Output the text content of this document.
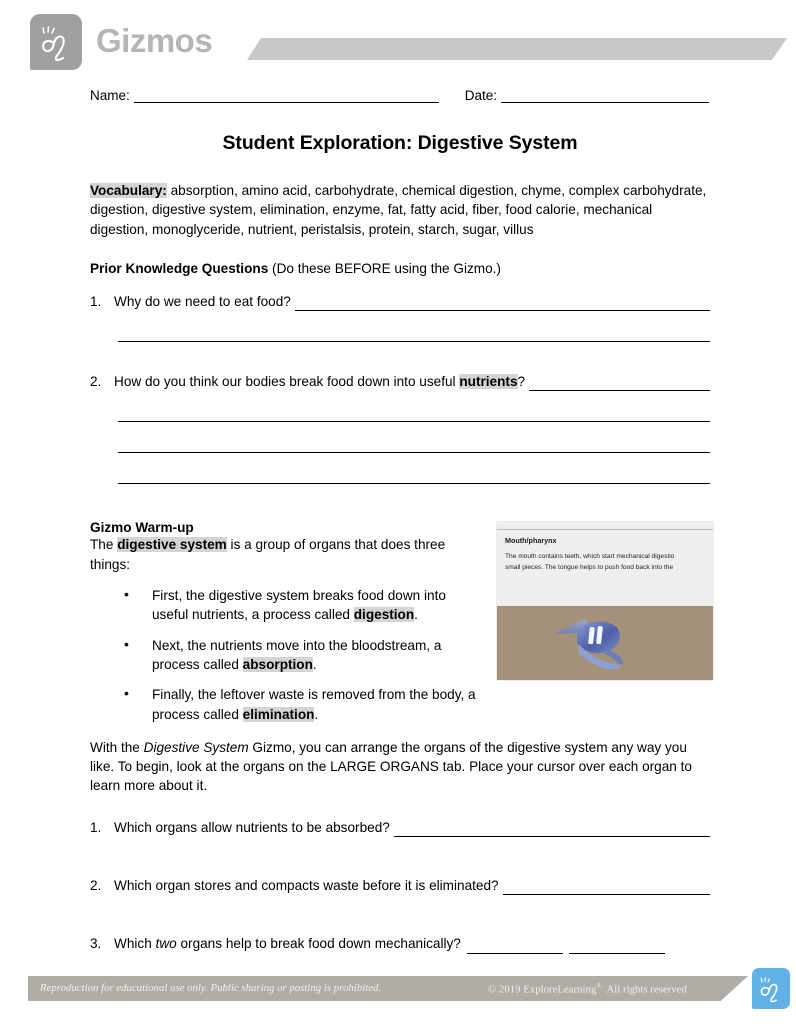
Gizmos
Name:	Date:
Student Exploration: Digestive System

Vocabulary: absorption, amino acid, carbohydrate, chemical digestion, chyme, complex carbohydrate, digestion, digestive system, elimination, enzyme, fat, fatty acid, fiber, food calorie, mechanical digestion, monoglyceride, nutrient, peristalsis, protein, starch, sugar, villus

Prior Knowledge Questions (Do these BEFORE using the Gizmo.)

1. Why do we need to eat food?
2. How do you think our bodies break food down into useful nutrients?
Mouth/pharynx
The mouth contains teeth, which start mechanical digestio
small pieces. The tongue helps to push food back into the

Gizmo Warm-up

The digestive system is a group of organs that does three things:

• First, the digestive system breaks food down into useful nutrients, a process called digestion.
• Next, the nutrients move into the bloodstream, a process called absorption.
• Finally, the leftover waste is removed from the body, a process called elimination.

With the Digestive System Gizmo, you can arrange the organs of the digestive system any way you like. To begin, look at the organs on the LARGE ORGANS tab. Place your cursor over each organ to learn more about it.

1. Which organs allow nutrients to be absorbed?
2. Which organ stores and compacts waste before it is eliminated?
3. Which two organs help to break food down mechanically?
Reproduction for educational use only. Public sharing or posting is prohibited.	© 2019 ExploreLearning® All rights reserved
